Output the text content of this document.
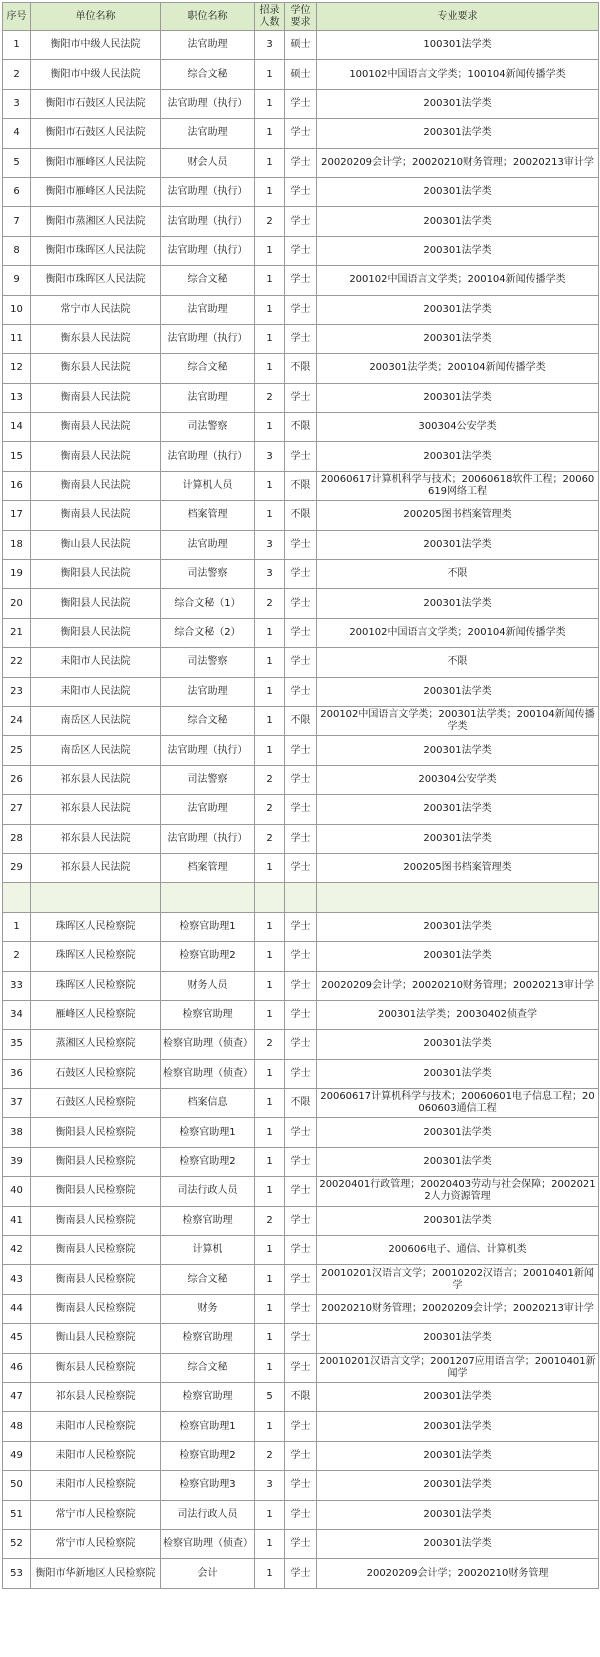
序号	单位名称	职位名称	招录人数	学位要求	专业要求
1	衡阳市中级人民法院	法官助理	3	硕士	100301法学类
2	衡阳市中级人民法院	综合文秘	1	硕士	100102中国语言文学类；100104新闻传播学类
3	衡阳市石鼓区人民法院	法官助理（执行）	1	学士	200301法学类
4	衡阳市石鼓区人民法院	法官助理	1	学士	200301法学类
5	衡阳市雁峰区人民法院	财会人员	1	学士	20020209会计学；20020210财务管理；20020213审计学
6	衡阳市雁峰区人民法院	法官助理（执行）	1	学士	200301法学类
7	衡阳市蒸湘区人民法院	法官助理（执行）	2	学士	200301法学类
8	衡阳市珠晖区人民法院	法官助理（执行）	1	学士	200301法学类
9	衡阳市珠晖区人民法院	综合文秘	1	学士	200102中国语言文学类；200104新闻传播学类
10	常宁市人民法院	法官助理	1	学士	200301法学类
11	衡东县人民法院	法官助理（执行）	1	学士	200301法学类
12	衡东县人民法院	综合文秘	1	不限	200301法学类；200104新闻传播学类
13	衡南县人民法院	法官助理	2	学士	200301法学类
14	衡南县人民法院	司法警察	1	不限	300304公安学类
15	衡南县人民法院	法官助理（执行）	3	学士	200301法学类
16	衡南县人民法院	计算机人员	1	不限	20060617计算机科学与技术；20060618软件工程；20060619网络工程
17	衡南县人民法院	档案管理	1	不限	200205图书档案管理类
18	衡山县人民法院	法官助理	3	学士	200301法学类
19	衡阳县人民法院	司法警察	3	学士	不限
20	衡阳县人民法院	综合文秘（1）	2	学士	200301法学类
21	衡阳县人民法院	综合文秘（2）	1	学士	200102中国语言文学类；200104新闻传播学类
22	耒阳市人民法院	司法警察	1	学士	不限
23	耒阳市人民法院	法官助理	1	学士	200301法学类
24	南岳区人民法院	综合文秘	1	不限	200102中国语言文学类；200301法学类；200104新闻传播学类
25	南岳区人民法院	法官助理（执行）	1	学士	200301法学类
26	祁东县人民法院	司法警察	2	学士	200304公安学类
27	祁东县人民法院	法官助理	2	学士	200301法学类
28	祁东县人民法院	法官助理（执行）	2	学士	200301法学类
29	祁东县人民法院	档案管理	1	学士	200205图书档案管理类

1	珠晖区人民检察院	检察官助理1	1	学士	200301法学类
2	珠晖区人民检察院	检察官助理2	1	学士	200301法学类
33	珠晖区人民检察院	财务人员	1	学士	20020209会计学；20020210财务管理；20020213审计学
34	雁峰区人民检察院	检察官助理	1	学士	200301法学类；20030402侦查学
35	蒸湘区人民检察院	检察官助理（侦查）	2	学士	200301法学类
36	石鼓区人民检察院	检察官助理（侦查）	1	学士	200301法学类
37	石鼓区人民检察院	档案信息	1	不限	20060617计算机科学与技术；20060601电子信息工程；20060603通信工程
38	衡阳县人民检察院	检察官助理1	1	学士	200301法学类
39	衡阳县人民检察院	检察官助理2	1	学士	200301法学类
40	衡阳县人民检察院	司法行政人员	1	学士	20020401行政管理；20020403劳动与社会保障；20020212人力资源管理
41	衡南县人民检察院	检察官助理	2	学士	200301法学类
42	衡南县人民检察院	计算机	1	学士	200606电子、通信、计算机类
43	衡南县人民检察院	综合文秘	1	学士	20010201汉语言文学；20010202汉语言；20010401新闻学
44	衡南县人民检察院	财务	1	学士	20020210财务管理；20020209会计学；20020213审计学
45	衡山县人民检察院	检察官助理	1	学士	200301法学类
46	衡东县人民检察院	综合文秘	1	学士	20010201汉语言文学；2001207应用语言学；20010401新闻学
47	祁东县人民检察院	检察官助理	5	不限	200301法学类
48	耒阳市人民检察院	检察官助理1	1	学士	200301法学类
49	耒阳市人民检察院	检察官助理2	2	学士	200301法学类
50	耒阳市人民检察院	检察官助理3	3	学士	200301法学类
51	常宁市人民检察院	司法行政人员	1	学士	200301法学类
52	常宁市人民检察院	检察官助理（侦查）	1	学士	200301法学类
53	衡阳市华新地区人民检察院	会计	1	学士	20020209会计学；20020210财务管理
